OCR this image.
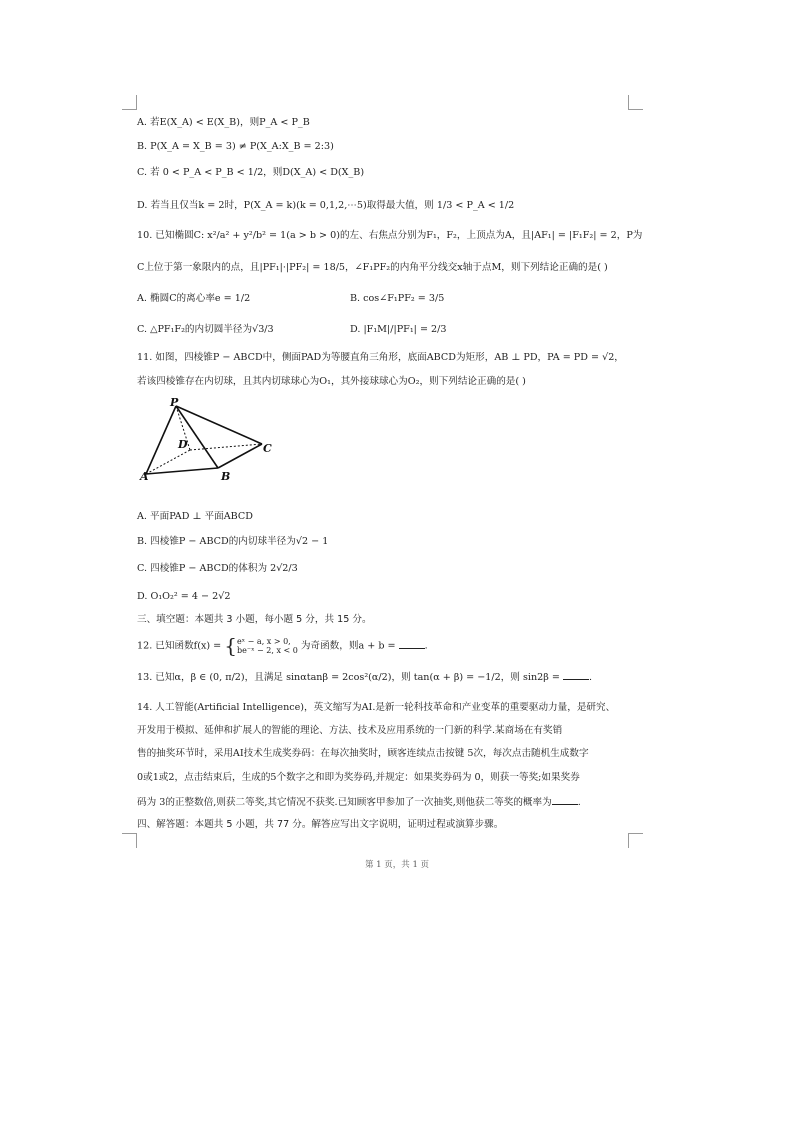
A. 若E(X_A) < E(X_B)，则P_A < P_B
B. P(X_A = X_B = 3) ≠ P(X_A:X_B = 2:3)
C. 若 0 < P_A < P_B < 1/2，则D(X_A) < D(X_B)
D. 若当且仅当k = 2时，P(X_A = k)(k = 0,1,2,⋯5)取得最大值，则 1/3 < P_A < 1/2
10. 已知椭圆C: x²/a² + y²/b² = 1(a > b > 0)的左、右焦点分别为F₁，F₂，上顶点为A，且|AF₁| = |F₁F₂| = 2，P为
C上位于第一象限内的点，且|PF₁|·|PF₂| = 18/5，∠F₁PF₂的内角平分线交x轴于点M，则下列结论正确的是( )
A. 椭圆C的离心率e = 1/2	B. cos∠F₁PF₂ = 3/5
C. △PF₁F₂的内切圆半径为√3/3	D. |F₁M|/|PF₁| = 2/3
11. 如图，四棱锥P − ABCD中，侧面PAD为等腰直角三角形，底面ABCD为矩形，AB ⊥ PD，PA = PD = √2，
若该四棱锥存在内切球，且其内切球球心为O₁，其外接球球心为O₂，则下列结论正确的是( )
P
D	C
A	B
A. 平面PAD ⊥ 平面ABCD
B. 四棱锥P − ABCD的内切球半径为√2 − 1
C. 四棱锥P − ABCD的体积为 2√2/3
D. O₁O₂² = 4 − 2√2
三、填空题：本题共 3 小题，每小题 5 分，共 15 分。
12. 已知函数f(x) = { eˣ − a, x > 0,
be⁻ˣ − 2, x < 0 为奇函数，则a + b =	.
13. 已知α，β ∈ (0, π/2)，且满足 sinαtanβ = 2cos²(α/2)，则 tan(α + β) = −1/2，则 sin2β =	.
14. 人工智能(Artificial Intelligence)，英文缩写为AI.是新一轮科技革命和产业变革的重要驱动力量，是研究、
开发用于模拟、延伸和扩展人的智能的理论、方法、技术及应用系统的一门新的科学.某商场在有奖销
售的抽奖环节时，采用AI技术生成奖券码：在每次抽奖时，顾客连续点击按键 5次，每次点击随机生成数字
0或1或2，点击结束后，生成的5个数字之和即为奖券码,并规定：如果奖券码为 0，则获一等奖;如果奖券
码为 3的正整数倍,则获二等奖,其它情况不获奖.已知顾客甲参加了一次抽奖,则他获二等奖的概率为	.
四、解答题：本题共 5 小题，共 77 分。解答应写出文字说明，证明过程或演算步骤。
第 1 页，共 1 页
